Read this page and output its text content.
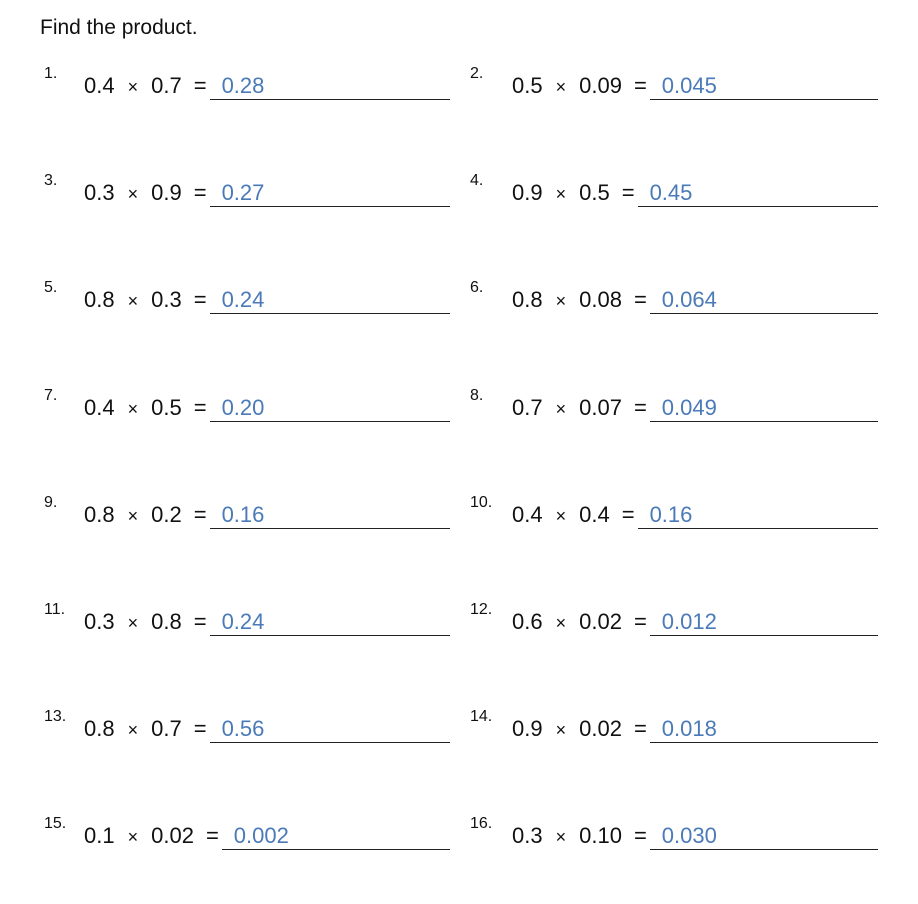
Find the product.
1. 0.4 × 0.7 = 0.28	2. 0.5 × 0.09 = 0.045
3. 0.3 × 0.9 = 0.27	4. 0.9 × 0.5 = 0.45
5. 0.8 × 0.3 = 0.24	6. 0.8 × 0.08 = 0.064
7. 0.4 × 0.5 = 0.20	8. 0.7 × 0.07 = 0.049
9. 0.8 × 0.2 = 0.16	10. 0.4 × 0.4 = 0.16
11. 0.3 × 0.8 = 0.24	12. 0.6 × 0.02 = 0.012
13. 0.8 × 0.7 = 0.56	14. 0.9 × 0.02 = 0.018
15. 0.1 × 0.02 = 0.002	16. 0.3 × 0.10 = 0.030
